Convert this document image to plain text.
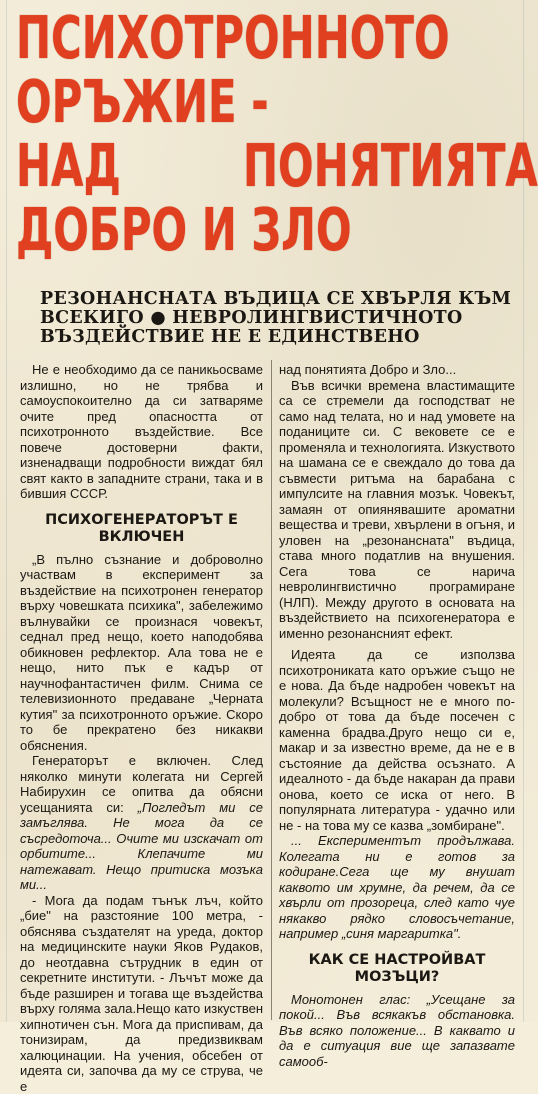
ПСИХОТРОННОТО
ОРЪЖИЕ -
НАД ПОНЯТИЯТА
ДОБРО И ЗЛО
РЕЗОНАНСНАТА ВЪДИЦА СЕ ХВЪРЛЯ КЪМ
ВСЕКИГО ● НЕВРОЛИНГВИСТИЧНОТО
ВЪЗДЕЙСТВИЕ НЕ Е ЕДИНСТВЕНО

Не е необходимо да се паникьосваме излишно, но не трябва и самоуспокоително да си затваряме очите пред опасността от психотронното въздействие. Все повече достоверни факти, изненадващи подробности виждат бял свят както в западните страни, така и в бившия СССР.

ПСИХОГЕНЕРАТОРЪТ Е ВКЛЮЧЕН

„В пълно съзнание и доброволно участвам в експеримент за въздействие на психотронен генератор върху човешката психика", забележимо вълнувайки се произнася човекът, седнал пред нещо, което наподобява обикновен рефлектор. Ала това не е нещо, нито пък е кадър от научнофантастичен филм. Снима се телевизионното предаване „Черната кутия" за психотронното оръжие. Скоро то бе прекратено без никакви обяснения.

Генераторът е включен. След няколко минути колегата ни Сергей Набирухин се опитва да обясни усещанията си: „Погледът ми се замъглява. Не мога да се съсредоточа... Очите ми изскачат от орбитите... Клепачите ми натежават. Нещо притиска мозъка ми...

- Мога да подам тънък лъч, който „бие" на разстояние 100 метра, - обяснява създателят на уреда, доктор на медицинските науки Яков Рудаков, до неотдавна сътрудник в един от секретните институти. - Лъчът може да бъде разширен и тогава ще въздейства върху голяма зала.Нещо като изкуствен хипнотичен сън. Мога да приспивам, да тонизирам, да предизвиквам халюцинации. На учения, обсебен от идеята си, започва да му се струва, че е

над понятията Добро и Зло...

Във всички времена властимащите са се стремели да господстват не само над телата, но и над умовете на поданиците си. С вековете се е променяла и технологията. Изкуството на шамана се е свеждало до това да съвмести ритъма на барабана с импулсите на главния мозък. Човекът, замаян от опиянявашите ароматни вещества и треви, хвърлени в огъня, и уловен на „резонансната" въдица, става много податлив на внушения. Сега това се нарича невролингвистично програмиране (НЛП). Между другото в основата на въздействието на психогенератора е именно резонансният ефект.

Идеята да се използва психотрониката като оръжие също не е нова. Да бъде надробен човекът на молекули? Всъщност не е много по-добро от това да бъде посечен с каменна брадва.Друго нещо си е, макар и за известно време, да не е в състояние да действа осъзнато. А идеалното - да бъде накаран да прави онова, което се иска от него. В популярната литература - удачно или не - на това му се казва „зомбиране".

... Експериментът продължава. Колегата ни е готов за кодиране.Сега ще му внушат каквото им хрумне, да речем, да се хвърли от прозореца, след като чуе някакво рядко словосъчетание, например „синя маргаритка".

КАК СЕ НАСТРОЙВАТ МОЗЪЦИ?

Монотонен глас: „Усещане за покой... Във всякакъв обстановка. Във всяко положение... В каквато и да е ситуация вие ще запазвате самооб-
